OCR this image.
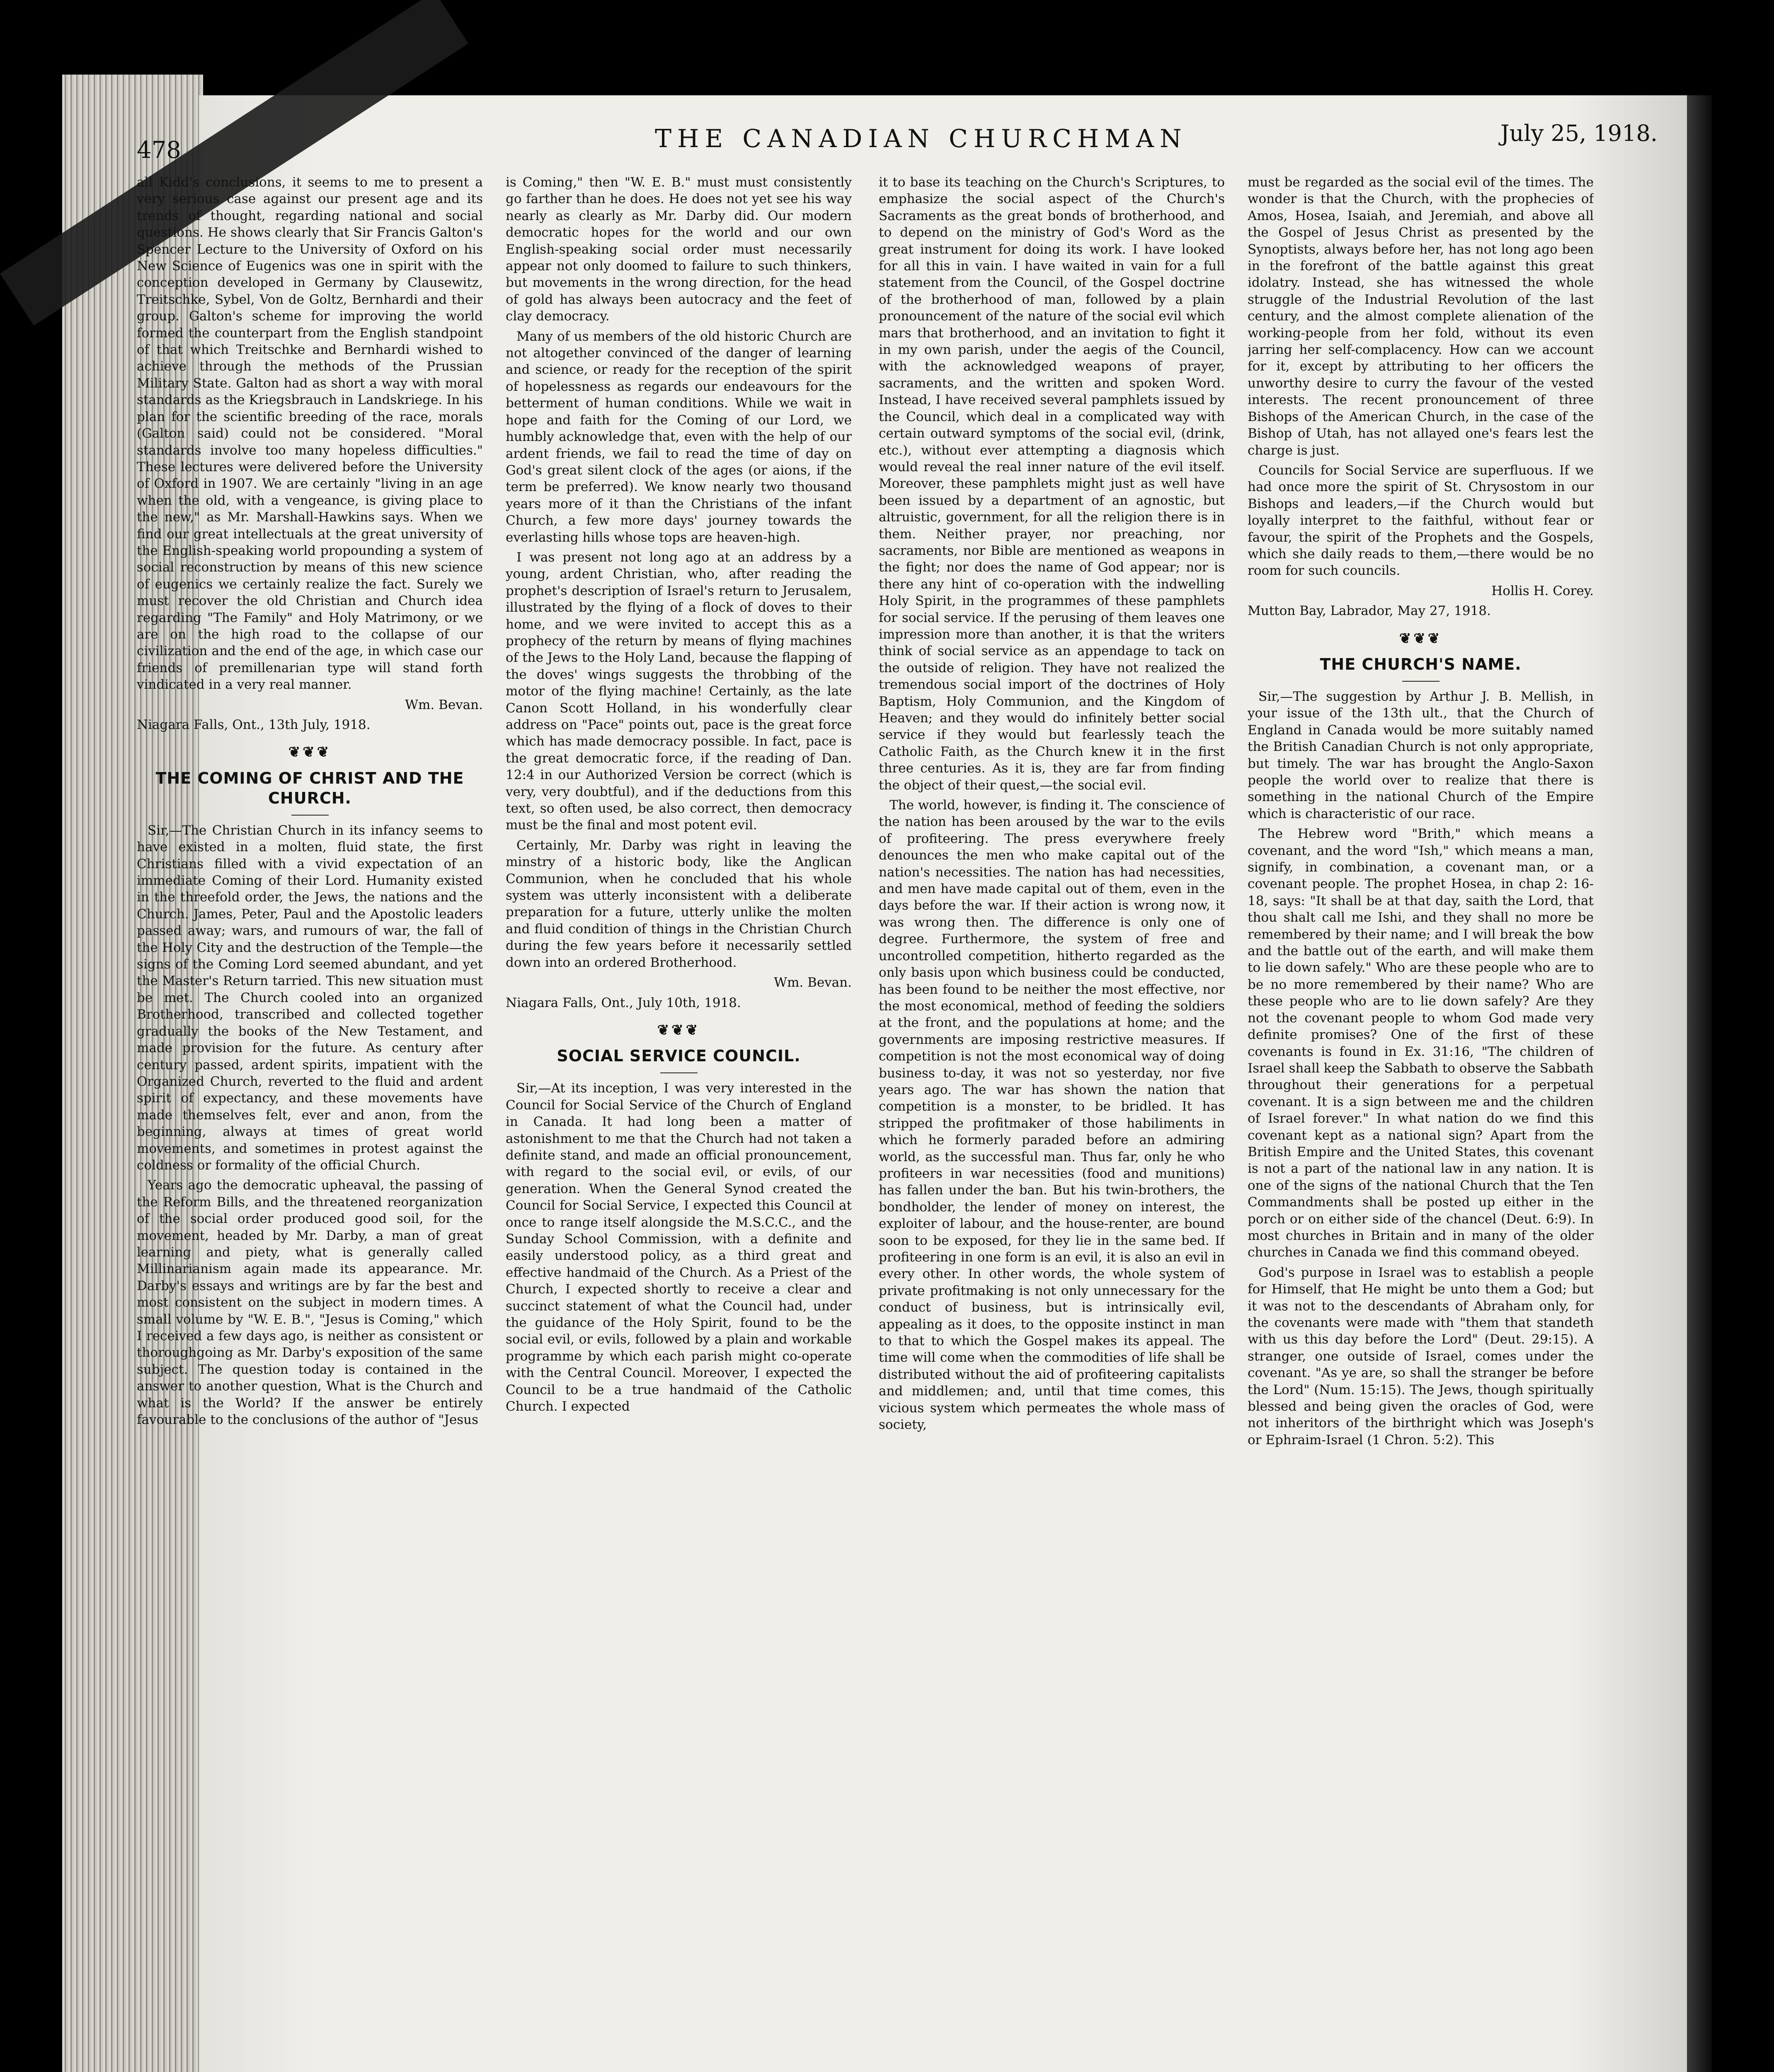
478	THE CANADIAN CHURCHMAN	July 25, 1918.

all Kidd's conclusions, it seems to me to present a very serious case against our present age and its trends of thought, regarding national and social questions. He shows clearly that Sir Francis Galton's Spencer Lecture to the University of Oxford on his New Science of Eugenics was one in spirit with the conception developed in Germany by Clausewitz, Treitschke, Sybel, Von de Goltz, Bernhardi and their group. Galton's scheme for improving the world formed the counterpart from the English standpoint of that which Treitschke and Bernhardi wished to achieve through the methods of the Prussian Military State. Galton had as short a way with moral standards as the Kriegsbrauch in Landskriege. In his plan for the scientific breeding of the race, morals (Galton said) could not be considered. "Moral standards involve too many hopeless difficulties." These lectures were delivered before the University of Oxford in 1907. We are certainly "living in an age when the old, with a vengeance, is giving place to the new," as Mr. Marshall-Hawkins says. When we find our great intellectuals at the great university of the English-speaking world propounding a system of social reconstruction by means of this new science of eugenics we certainly realize the fact. Surely we must recover the old Christian and Church idea regarding "The Family" and Holy Matrimony, or we are on the high road to the collapse of our civilization and the end of the age, in which case our friends of premillenarian type will stand forth vindicated in a very real manner.

Wm. Bevan.

Niagara Falls, Ont., 13th July, 1918.

❦❦❦
THE COMING OF CHRIST AND THE CHURCH.

Sir,—The Christian Church in its infancy seems to have existed in a molten, fluid state, the first Christians filled with a vivid expectation of an immediate Coming of their Lord. Humanity existed in the threefold order, the Jews, the nations and the Church. James, Peter, Paul and the Apostolic leaders passed away; wars, and rumours of war, the fall of the Holy City and the destruction of the Temple—the signs of the Coming Lord seemed abundant, and yet the Master's Return tarried. This new situation must be met. The Church cooled into an organized Brotherhood, transcribed and collected together gradually the books of the New Testament, and made provision for the future. As century after century passed, ardent spirits, impatient with the Organized Church, reverted to the fluid and ardent spirit of expectancy, and these movements have made themselves felt, ever and anon, from the beginning, always at times of great world movements, and sometimes in protest against the coldness or formality of the official Church.

Years ago the democratic upheaval, the passing of the Reform Bills, and the threatened reorganization of the social order produced good soil, for the movement, headed by Mr. Darby, a man of great learning and piety, what is generally called Millinarianism again made its appearance. Mr. Darby's essays and writings are by far the best and most consistent on the subject in modern times. A small volume by "W. E. B.", "Jesus is Coming," which I received a few days ago, is neither as consistent or thoroughgoing as Mr. Darby's exposition of the same subject. The question today is contained in the answer to another question, What is the Church and what is the World? If the answer be entirely favourable to the conclusions of the author of "Jesus

is Coming," then "W. E. B." must must consistently go farther than he does. He does not yet see his way nearly as clearly as Mr. Darby did. Our modern democratic hopes for the world and our own English-speaking social order must necessarily appear not only doomed to failure to such thinkers, but movements in the wrong direction, for the head of gold has always been autocracy and the feet of clay democracy.

Many of us members of the old historic Church are not altogether convinced of the danger of learning and science, or ready for the reception of the spirit of hopelessness as regards our endeavours for the betterment of human conditions. While we wait in hope and faith for the Coming of our Lord, we humbly acknowledge that, even with the help of our ardent friends, we fail to read the time of day on God's great silent clock of the ages (or aions, if the term be preferred). We know nearly two thousand years more of it than the Christians of the infant Church, a few more days' journey towards the everlasting hills whose tops are heaven-high.

I was present not long ago at an address by a young, ardent Christian, who, after reading the prophet's description of Israel's return to Jerusalem, illustrated by the flying of a flock of doves to their home, and we were invited to accept this as a prophecy of the return by means of flying machines of the Jews to the Holy Land, because the flapping of the doves' wings suggests the throbbing of the motor of the flying machine! Certainly, as the late Canon Scott Holland, in his wonderfully clear address on "Pace" points out, pace is the great force which has made democracy possible. In fact, pace is the great democratic force, if the reading of Dan. 12:4 in our Authorized Version be correct (which is very, very doubtful), and if the deductions from this text, so often used, be also correct, then democracy must be the final and most potent evil.

Certainly, Mr. Darby was right in leaving the minstry of a historic body, like the Anglican Communion, when he concluded that his whole system was utterly inconsistent with a deliberate preparation for a future, utterly unlike the molten and fluid condition of things in the Christian Church during the few years before it necessarily settled down into an ordered Brotherhood.

Wm. Bevan.

Niagara Falls, Ont., July 10th, 1918.

❦❦❦
SOCIAL SERVICE COUNCIL.

Sir,—At its inception, I was very interested in the Council for Social Service of the Church of England in Canada. It had long been a matter of astonishment to me that the Church had not taken a definite stand, and made an official pronouncement, with regard to the social evil, or evils, of our generation. When the General Synod created the Council for Social Service, I expected this Council at once to range itself alongside the M.S.C.C., and the Sunday School Commission, with a definite and easily understood policy, as a third great and effective handmaid of the Church. As a Priest of the Church, I expected shortly to receive a clear and succinct statement of what the Council had, under the guidance of the Holy Spirit, found to be the social evil, or evils, followed by a plain and workable programme by which each parish might co-operate with the Central Council. Moreover, I expected the Council to be a true handmaid of the Catholic Church. I expected

it to base its teaching on the Church's Scriptures, to emphasize the social aspect of the Church's Sacraments as the great bonds of brotherhood, and to depend on the ministry of God's Word as the great instrument for doing its work. I have looked for all this in vain. I have waited in vain for a full statement from the Council, of the Gospel doctrine of the brotherhood of man, followed by a plain pronouncement of the nature of the social evil which mars that brotherhood, and an invitation to fight it in my own parish, under the aegis of the Council, with the acknowledged weapons of prayer, sacraments, and the written and spoken Word. Instead, I have received several pamphlets issued by the Council, which deal in a complicated way with certain outward symptoms of the social evil, (drink, etc.), without ever attempting a diagnosis which would reveal the real inner nature of the evil itself. Moreover, these pamphlets might just as well have been issued by a department of an agnostic, but altruistic, government, for all the religion there is in them. Neither prayer, nor preaching, nor sacraments, nor Bible are mentioned as weapons in the fight; nor does the name of God appear; nor is there any hint of co-operation with the indwelling Holy Spirit, in the programmes of these pamphlets for social service. If the perusing of them leaves one impression more than another, it is that the writers think of social service as an appendage to tack on the outside of religion. They have not realized the tremendous social import of the doctrines of Holy Baptism, Holy Communion, and the Kingdom of Heaven; and they would do infinitely better social service if they would but fearlessly teach the Catholic Faith, as the Church knew it in the first three centuries. As it is, they are far from finding the object of their quest,—the social evil.

The world, however, is finding it. The conscience of the nation has been aroused by the war to the evils of profiteering. The press everywhere freely denounces the men who make capital out of the nation's necessities. The nation has had necessities, and men have made capital out of them, even in the days before the war. If their action is wrong now, it was wrong then. The difference is only one of degree. Furthermore, the system of free and uncontrolled competition, hitherto regarded as the only basis upon which business could be conducted, has been found to be neither the most effective, nor the most economical, method of feeding the soldiers at the front, and the populations at home; and the governments are imposing restrictive measures. If competition is not the most economical way of doing business to-day, it was not so yesterday, nor five years ago. The war has shown the nation that competition is a monster, to be bridled. It has stripped the profitmaker of those habiliments in which he formerly paraded before an admiring world, as the successful man. Thus far, only he who profiteers in war necessities (food and munitions) has fallen under the ban. But his twin-brothers, the bondholder, the lender of money on interest, the exploiter of labour, and the house-renter, are bound soon to be exposed, for they lie in the same bed. If profiteering in one form is an evil, it is also an evil in every other. In other words, the whole system of private profitmaking is not only unnecessary for the conduct of business, but is intrinsically evil, appealing as it does, to the opposite instinct in man to that to which the Gospel makes its appeal. The time will come when the commodities of life shall be distributed without the aid of profiteering capitalists and middlemen; and, until that time comes, this vicious system which permeates the whole mass of society,

must be regarded as the social evil of the times. The wonder is that the Church, with the prophecies of Amos, Hosea, Isaiah, and Jeremiah, and above all the Gospel of Jesus Christ as presented by the Synoptists, always before her, has not long ago been in the forefront of the battle against this great idolatry. Instead, she has witnessed the whole struggle of the Industrial Revolution of the last century, and the almost complete alienation of the working-people from her fold, without its even jarring her self-complacency. How can we account for it, except by attributing to her officers the unworthy desire to curry the favour of the vested interests. The recent pronouncement of three Bishops of the American Church, in the case of the Bishop of Utah, has not allayed one's fears lest the charge is just.

Councils for Social Service are superfluous. If we had once more the spirit of St. Chrysostom in our Bishops and leaders,—if the Church would but loyally interpret to the faithful, without fear or favour, the spirit of the Prophets and the Gospels, which she daily reads to them,—there would be no room for such councils.

Hollis H. Corey.

Mutton Bay, Labrador, May 27, 1918.

❦❦❦
THE CHURCH'S NAME.

Sir,—The suggestion by Arthur J. B. Mellish, in your issue of the 13th ult., that the Church of England in Canada would be more suitably named the British Canadian Church is not only appropriate, but timely. The war has brought the Anglo-Saxon people the world over to realize that there is something in the national Church of the Empire which is characteristic of our race.

The Hebrew word "Brith," which means a covenant, and the word "Ish," which means a man, signify, in combination, a covenant man, or a covenant people. The prophet Hosea, in chap 2: 16-18, says: "It shall be at that day, saith the Lord, that thou shalt call me Ishi, and they shall no more be remembered by their name; and I will break the bow and the battle out of the earth, and will make them to lie down safely." Who are these people who are to be no more remembered by their name? Who are these people who are to lie down safely? Are they not the covenant people to whom God made very definite promises? One of the first of these covenants is found in Ex. 31:16, "The children of Israel shall keep the Sabbath to observe the Sabbath throughout their generations for a perpetual covenant. It is a sign between me and the children of Israel forever." In what nation do we find this covenant kept as a national sign? Apart from the British Empire and the United States, this covenant is not a part of the national law in any nation. It is one of the signs of the national Church that the Ten Commandments shall be posted up either in the porch or on either side of the chancel (Deut. 6:9). In most churches in Britain and in many of the older churches in Canada we find this command obeyed.

God's purpose in Israel was to establish a people for Himself, that He might be unto them a God; but it was not to the descendants of Abraham only, for the covenants were made with "them that standeth with us this day before the Lord" (Deut. 29:15). A stranger, one outside of Israel, comes under the covenant. "As ye are, so shall the stranger be before the Lord" (Num. 15:15). The Jews, though spiritually blessed and being given the oracles of God, were not inheritors of the birthright which was Joseph's or Ephraim-Israel (1 Chron. 5:2). This
